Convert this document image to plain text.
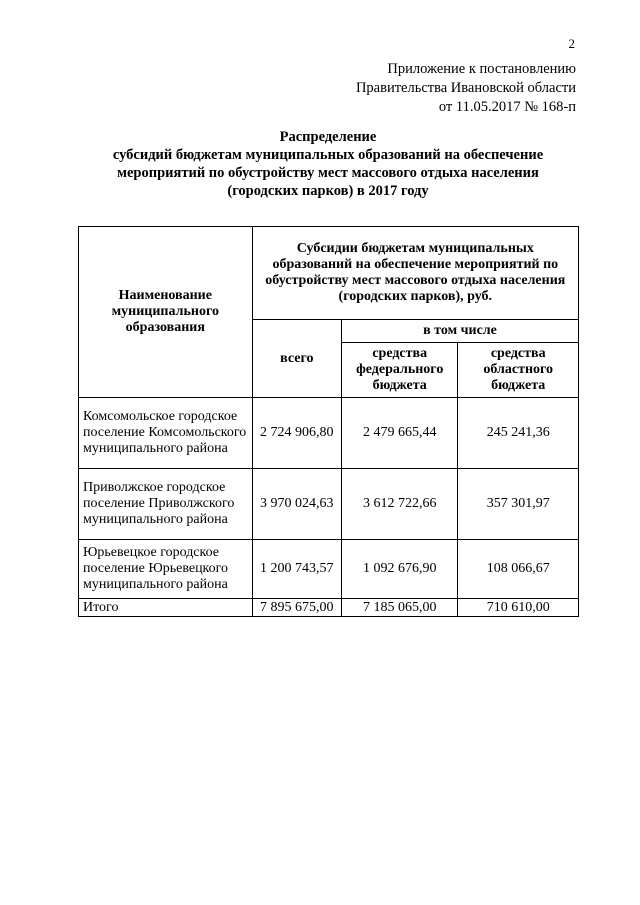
2
Приложение к постановлению
Правительства Ивановской области
от 11.05.2017 № 168-п
Распределение
субсидий бюджетам муниципальных образований на обеспечение
мероприятий по обустройству мест массового отдыха населения
(городских парков) в 2017 году
Наименование муниципального образования	Субсидии бюджетам муниципальных образований на обеспечение мероприятий по обустройству мест массового отдыха населения (городских парков), руб.		
	всего	в том числе	
		средства федерального бюджета	средства областного бюджета
Комсомольское городское поселение Комсомольского муниципального района	2 724 906,80	2 479 665,44	245 241,36
Приволжское городское поселение Приволжского муниципального района	3 970 024,63	3 612 722,66	357 301,97
Юрьевецкое городское поселение Юрьевецкого муниципального района	1 200 743,57	1 092 676,90	108 066,67
Итого	7 895 675,00	7 185 065,00	710 610,00
